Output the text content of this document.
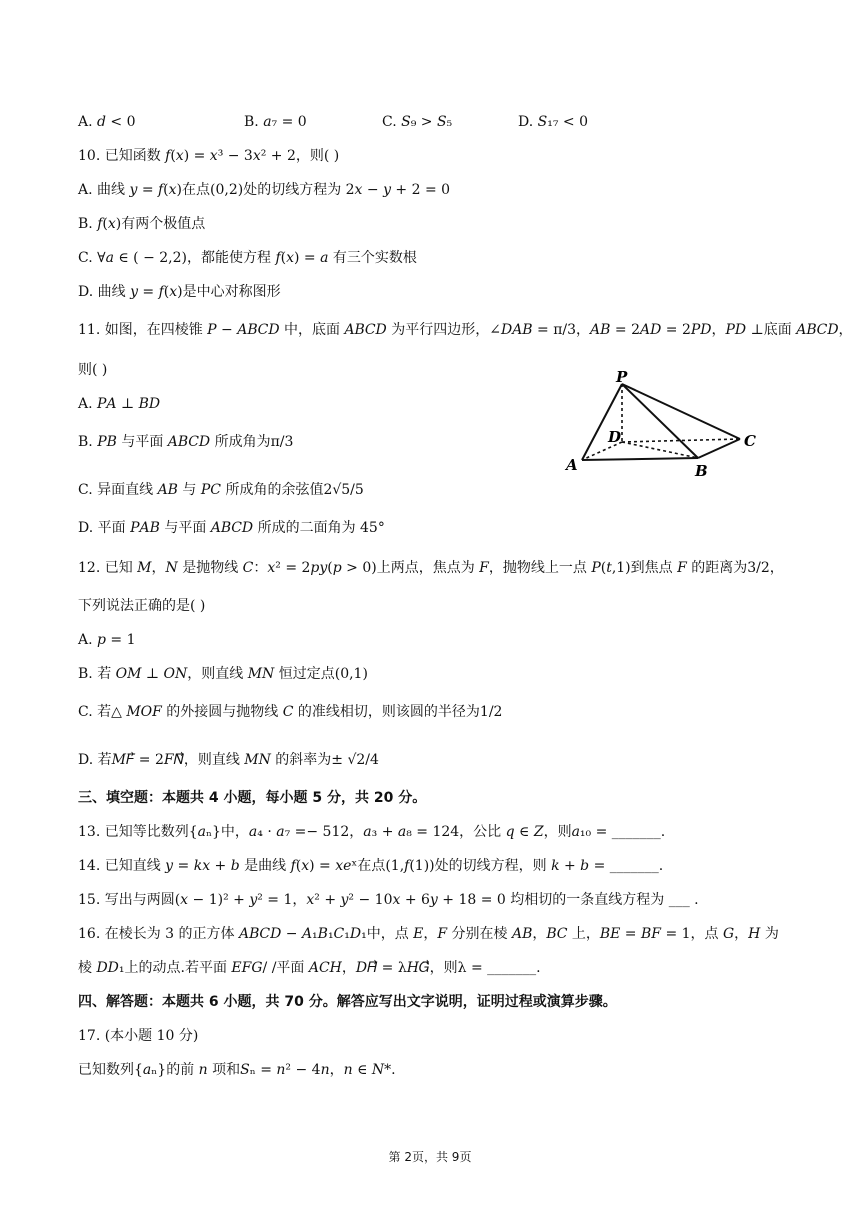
A. 𝑑 < 0	B. 𝑎₇ = 0	C. 𝑆₉ > 𝑆₅	D. 𝑆₁₇ < 0
10. 已知函数 𝑓(𝑥) = 𝑥³ − 3𝑥² + 2，则( )
A. 曲线 𝑦 = 𝑓(𝑥)在点(0,2)处的切线方程为 2𝑥 − 𝑦 + 2 = 0
B. 𝑓(𝑥)有两个极值点
C. ∀𝑎 ∈ ( − 2,2)，都能使方程 𝑓(𝑥) = 𝑎 有三个实数根
D. 曲线 𝑦 = 𝑓(𝑥)是中心对称图形
11. 如图，在四棱锥 𝑃 − 𝐴𝐵𝐶𝐷 中，底面 𝐴𝐵𝐶𝐷 为平行四边形，∠𝐷𝐴𝐵 = π/3，𝐴𝐵 = 2𝐴𝐷 = 2𝑃𝐷，𝑃𝐷 ⊥底面 𝐴𝐵𝐶𝐷，
则( )
A. 𝑃𝐴 ⊥ 𝐵𝐷
B. 𝑃𝐵 与平面 𝐴𝐵𝐶𝐷 所成角为π/3
C. 异面直线 𝐴𝐵 与 𝑃𝐶 所成角的余弦值2√5/5
D. 平面 𝑃𝐴𝐵 与平面 𝐴𝐵𝐶𝐷 所成的二面角为 45°
P
D	C
A	B
12. 已知 𝑀，𝑁 是抛物线 𝐶：𝑥² = 2𝑝𝑦(𝑝 > 0)上两点，焦点为 𝐹，抛物线上一点 𝑃(𝑡,1)到焦点 𝐹 的距离为3/2，
下列说法正确的是( )
A. 𝑝 = 1
B. 若 𝑂𝑀 ⊥ 𝑂𝑁，则直线 𝑀𝑁 恒过定点(0,1)
C. 若△ 𝑀𝑂𝐹 的外接圆与抛物线 𝐶 的准线相切，则该圆的半径为1/2
D. 若𝑀𝐹⃗ = 2𝐹𝑁⃗，则直线 𝑀𝑁 的斜率为± √2/4
三、填空题：本题共 4 小题，每小题 5 分，共 20 分。
13. 已知等比数列{𝑎ₙ}中，𝑎₄ · 𝑎₇ =− 512，𝑎₃ + 𝑎₈ = 124，公比 𝑞 ∈ 𝑍，则𝑎₁₀ = _______.
14. 已知直线 𝑦 = 𝑘𝑥 + 𝑏 是曲线 𝑓(𝑥) = 𝑥𝑒ˣ在点(1,𝑓(1))处的切线方程，则 𝑘 + 𝑏 = _______.
15. 写出与两圆(𝑥 − 1)² + 𝑦² = 1，𝑥² + 𝑦² − 10𝑥 + 6𝑦 + 18 = 0 均相切的一条直线方程为 ___ .
16. 在棱长为 3 的正方体 𝐴𝐵𝐶𝐷 − 𝐴₁𝐵₁𝐶₁𝐷₁中，点 𝐸，𝐹 分别在棱 𝐴𝐵，𝐵𝐶 上，𝐵𝐸 = 𝐵𝐹 = 1，点 𝐺，𝐻 为
棱 𝐷𝐷₁上的动点.若平面 𝐸𝐹𝐺/ /平面 𝐴𝐶𝐻，𝐷𝐻⃗ = λ𝐻𝐺⃗，则λ = _______.
四、解答题：本题共 6 小题，共 70 分。解答应写出文字说明，证明过程或演算步骤。
17. (本小题 10 分)
已知数列{𝑎ₙ}的前 𝑛 项和𝑆ₙ = 𝑛² − 4𝑛，𝑛 ∈ 𝑁*.
第 2页，共 9页
